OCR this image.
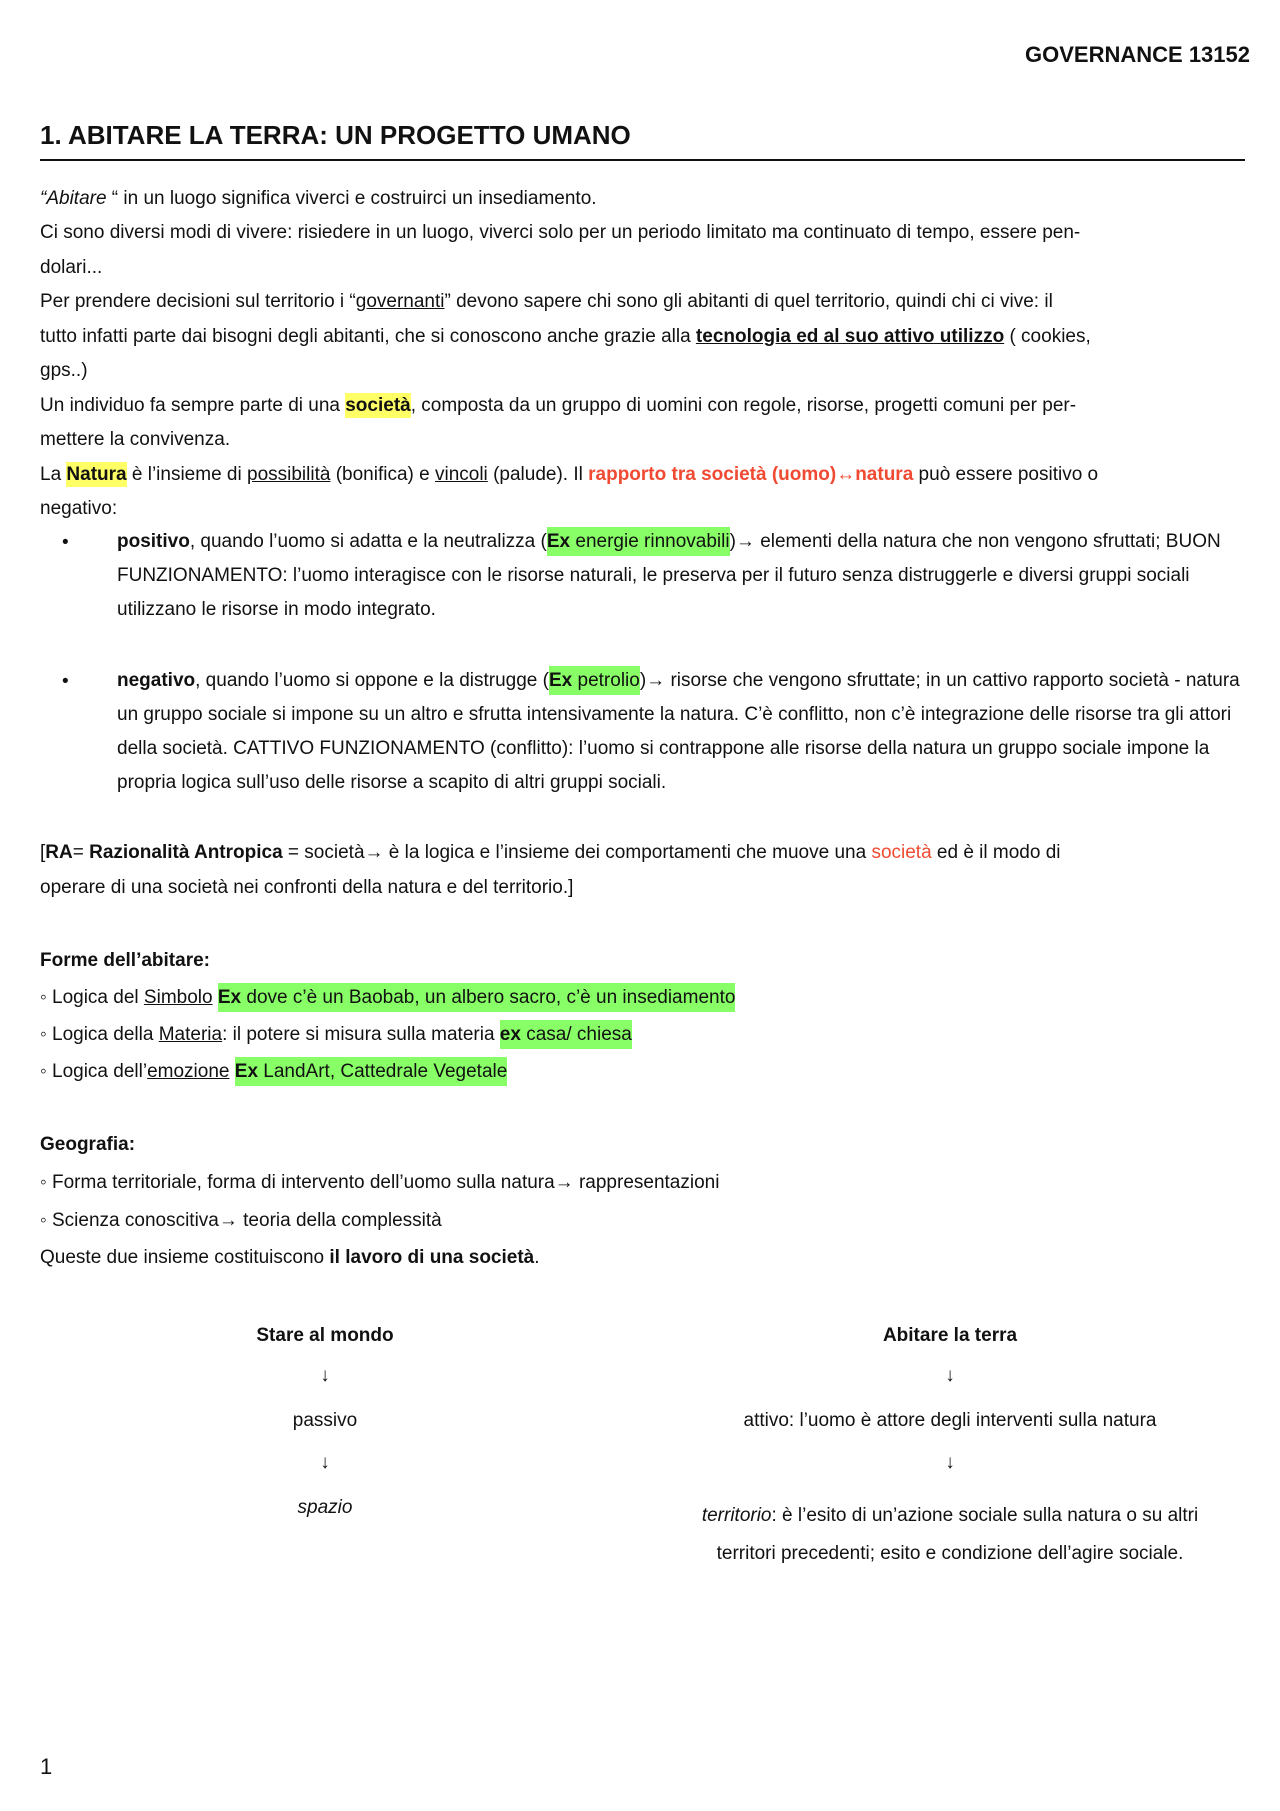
GOVERNANCE 13152
1. ABITARE LA TERRA: UN PROGETTO UMANO
“Abitare “ in un luogo significa viverci e costruirci un insediamento.
Ci sono diversi modi di vivere: risiedere in un luogo, viverci solo per un periodo limitato ma continuato di tempo, essere pen-
dolari...
Per prendere decisioni sul territorio i “governanti” devono sapere chi sono gli abitanti di quel territorio, quindi chi ci vive: il
tutto infatti parte dai bisogni degli abitanti, che si conoscono anche grazie alla tecnologia ed al suo attivo utilizzo ( cookies,
gps..)
Un individuo fa sempre parte di una società, composta da un gruppo di uomini con regole, risorse, progetti comuni per per-
mettere la convivenza.
La Natura è l’insieme di possibilità (bonifica) e vincoli (palude). Il rapporto tra società (uomo)↔natura può essere positivo o
negativo:
•	positivo, quando l’uomo si adatta e la neutralizza (Ex energie rinnovabili)→ elementi della natura che non vengono sfruttati; BUON FUNZIONAMENTO: l’uomo interagisce con le risorse naturali, le preserva per il futuro senza distruggerle e diversi gruppi sociali utilizzano le risorse in modo integrato.
•	negativo, quando l’uomo si oppone e la distrugge (Ex petrolio)→ risorse che vengono sfruttate; in un cattivo rapporto società - natura un gruppo sociale si impone su un altro e sfrutta intensivamente la natura. C’è conflitto, non c’è integrazione delle risorse tra gli attori della società. CATTIVO FUNZIONAMENTO (conflitto): l’uomo si contrappone alle risorse della natura un gruppo sociale impone la propria logica sull’uso delle risorse a scapito di altri gruppi sociali.
[RA= Razionalità Antropica = società→ è la logica e l’insieme dei comportamenti che muove una società ed è il modo di
operare di una società nei confronti della natura e del territorio.]
Forme dell’abitare:
◦ Logica del Simbolo Ex dove c’è un Baobab, un albero sacro, c’è un insediamento
◦ Logica della Materia: il potere si misura sulla materia ex casa/ chiesa
◦ Logica dell’emozione Ex LandArt, Cattedrale Vegetale
Geografia:
◦ Forma territoriale, forma di intervento dell’uomo sulla natura→ rappresentazioni
◦ Scienza conoscitiva→ teoria della complessità
Queste due insieme costituiscono il lavoro di una società.
Stare al mondo
↓
passivo
↓
spazio
Abitare la terra
↓
attivo: l’uomo è attore degli interventi sulla natura
↓
territorio: è l’esito di un’azione sociale sulla natura o su altri
territori precedenti; esito e condizione dell’agire sociale.
1
